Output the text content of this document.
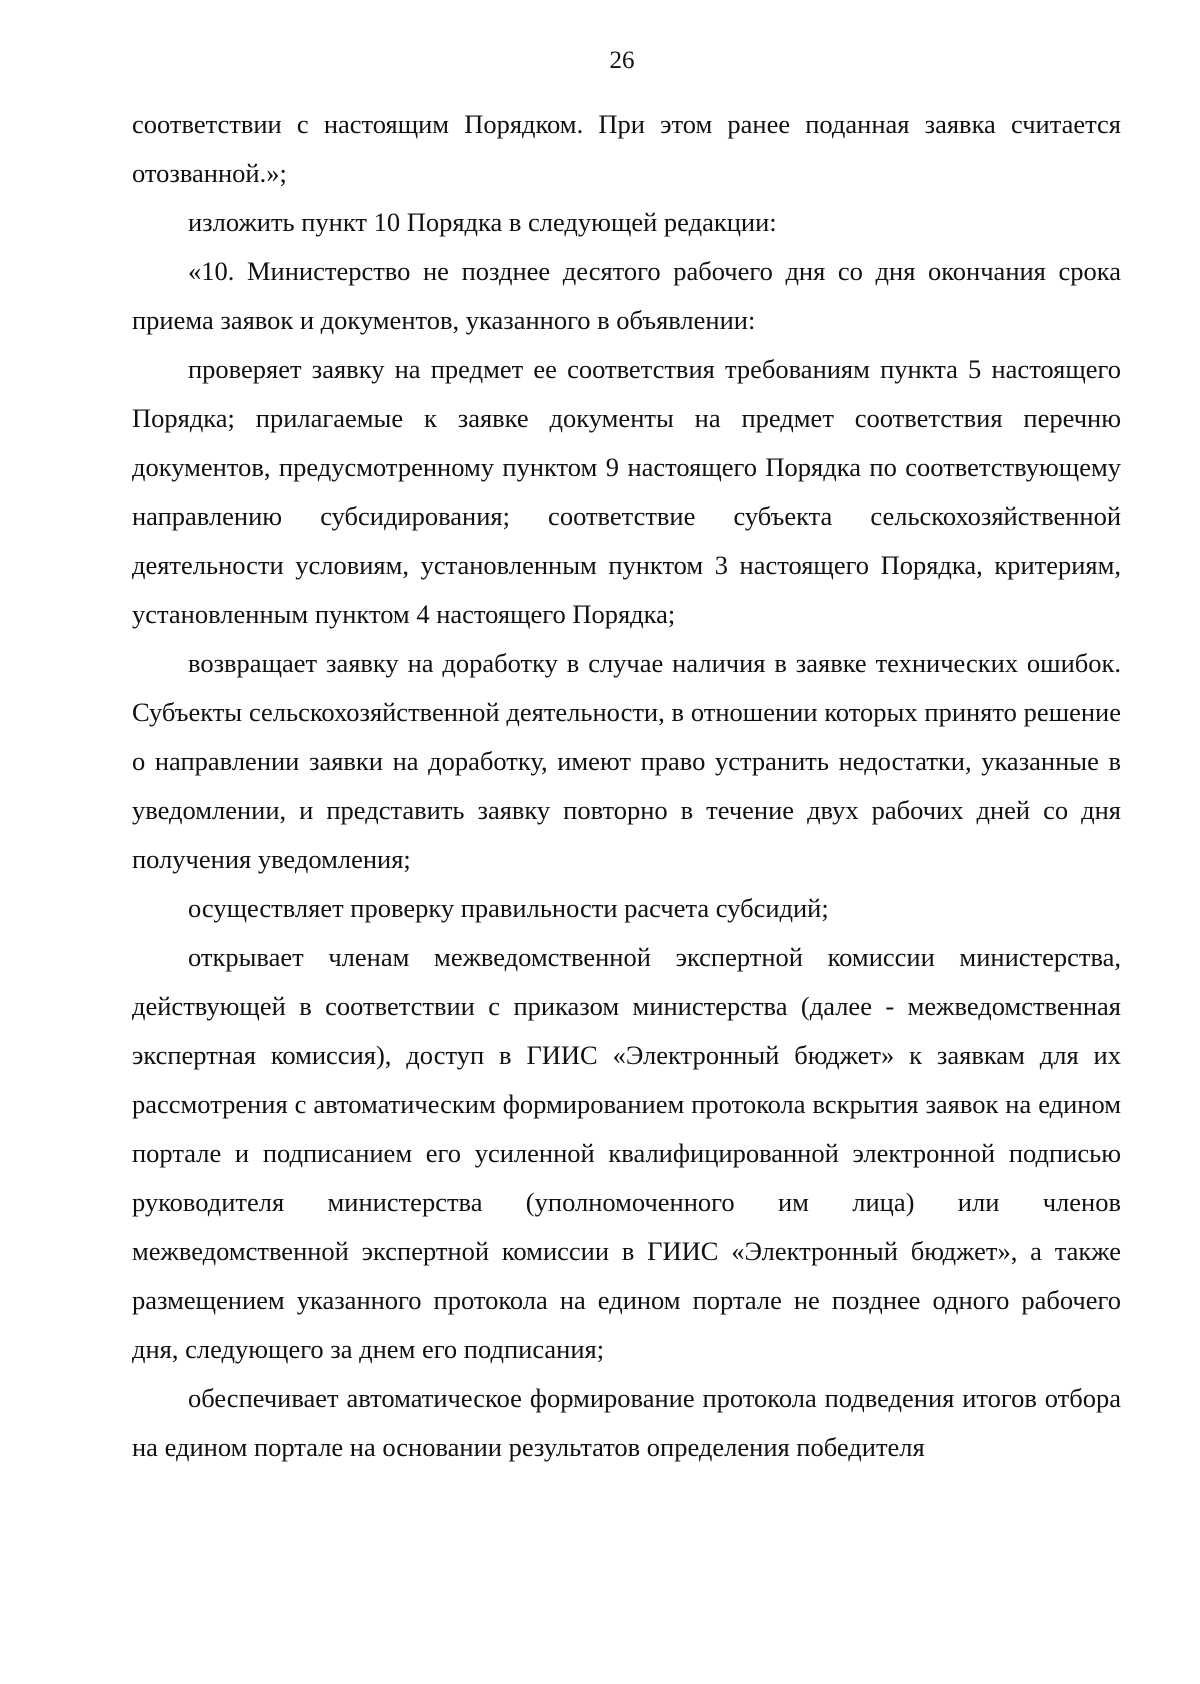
26

соответствии с настоящим Порядком. При этом ранее поданная заявка считается отозванной.»;

изложить пункт 10 Порядка в следующей редакции:

«10. Министерство не позднее десятого рабочего дня со дня окончания срока приема заявок и документов, указанного в объявлении:

проверяет заявку на предмет ее соответствия требованиям пункта 5 настоящего Порядка; прилагаемые к заявке документы на предмет соответствия перечню документов, предусмотренному пунктом 9 настоящего Порядка по соответствующему направлению субсидирования; соответствие субъекта сельскохозяйственной деятельности условиям, установленным пунктом 3 настоящего Порядка, критериям, установленным пунктом 4 настоящего Порядка;

возвращает заявку на доработку в случае наличия в заявке технических ошибок. Субъекты сельскохозяйственной деятельности, в отношении которых принято решение о направлении заявки на доработку, имеют право устранить недостатки, указанные в уведомлении, и представить заявку повторно в течение двух рабочих дней со дня получения уведомления;

осуществляет проверку правильности расчета субсидий;

открывает членам межведомственной экспертной комиссии министерства, действующей в соответствии с приказом министерства (далее - межведомственная экспертная комиссия), доступ в ГИИС «Электронный бюджет» к заявкам для их рассмотрения с автоматическим формированием протокола вскрытия заявок на едином портале и подписанием его усиленной квалифицированной электронной подписью руководителя министерства (уполномоченного им лица) или членов межведомственной экспертной комиссии в ГИИС «Электронный бюджет», а также размещением указанного протокола на едином портале не позднее одного рабочего дня, следующего за днем его подписания;

обеспечивает автоматическое формирование протокола подведения итогов отбора на едином портале на основании результатов определения победителя
